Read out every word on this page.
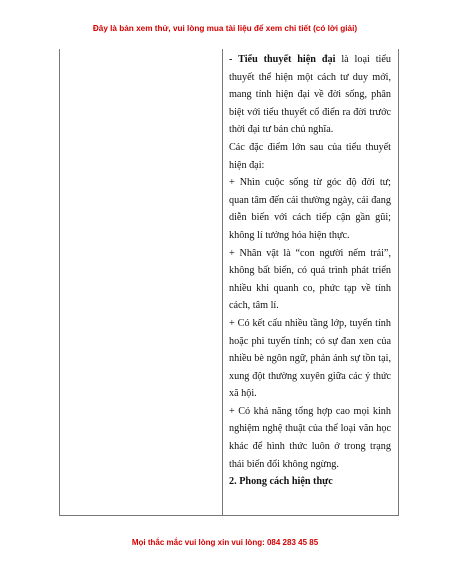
Đây là bản xem thử, vui lòng mua tài liệu để xem chi tiết (có lời giải)

- Tiểu thuyết hiện đại là loại tiểu thuyết thể hiện một cách tư duy mới, mang tính hiện đại về đời sống, phân biệt với tiểu thuyết cổ điển ra đời trước thời đại tư bản chủ nghĩa.

Các đặc điểm lớn sau của tiểu thuyết hiện đại:

+ Nhìn cuộc sống từ góc độ đời tư; quan tâm đến cái thường ngày, cái đang diễn biến với cách tiếp cận gần gũi; không lí tưởng hóa hiện thực.

+ Nhân vật là “con người nếm trải”, không bất biến, có quá trình phát triển nhiều khi quanh co, phức tạp về tính cách, tâm lí.

+ Có kết cấu nhiều tầng lớp, tuyến tính hoặc phi tuyến tính; có sự đan xen của nhiều bè ngôn ngữ, phản ánh sự tồn tại, xung đột thường xuyên giữa các ý thức xã hội.

+ Có khả năng tổng hợp cao mọi kinh nghiệm nghệ thuật của thể loại văn học khác để hình thức luôn ở trong trạng thái biến đổi không ngừng.

2. Phong cách hiện thực

Mọi thắc mắc vui lòng xin vui lòng: 084 283 45 85
